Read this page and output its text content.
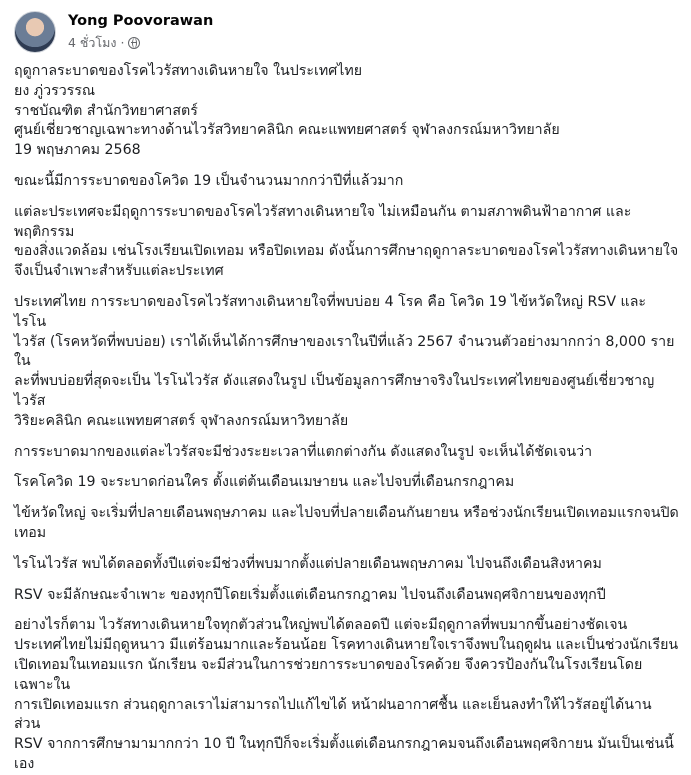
Yong Poovorawan
4 ชั่วโมง ·

ฤดูกาลระบาดของโรคไวรัสทางเดินหายใจ ในประเทศไทย

ยง ภู่วรวรรณ

ราชบัณฑิต สำนักวิทยาศาสตร์

ศูนย์เชี่ยวชาญเฉพาะทางด้านไวรัสวิทยาคลินิก คณะแพทยศาสตร์ จุฬาลงกรณ์มหาวิทยาลัย

19 พฤษภาคม 2568

ขณะนี้มีการระบาดของโควิด 19 เป็นจำนวนมากกว่าปีที่แล้วมาก

แต่ละประเทศจะมีฤดูการระบาดของโรคไวรัสทางเดินหายใจ ไม่เหมือนกัน ตามสภาพดินฟ้าอากาศ และพฤติกรรม
ของสิ่งแวดล้อม เช่นโรงเรียนเปิดเทอม หรือปิดเทอม ดังนั้นการศึกษาฤดูกาลระบาดของโรคไวรัสทางเดินหายใจ
จึงเป็นจำเพาะสำหรับแต่ละประเทศ

ประเทศไทย การระบาดของโรคไวรัสทางเดินหายใจที่พบบ่อย 4 โรค คือ โควิด 19 ไข้หวัดใหญ่ RSV และ ไรโน
ไวรัส (โรคหวัดที่พบบ่อย) เราได้เห็นได้การศึกษาของเราในปีที่แล้ว 2567 จำนวนตัวอย่างมากกว่า 8,000 ราย ใน
ละที่พบบ่อยที่สุดจะเป็น ไรโนไวรัส ดังแสดงในรูป เป็นข้อมูลการศึกษาจริงในประเทศไทยของศูนย์เชี่ยวชาญไวรัส
วิริยะคลินิก คณะแพทยศาสตร์ จุฬาลงกรณ์มหาวิทยาลัย

การระบาดมากของแต่ละไวรัสจะมีช่วงระยะเวลาที่แตกต่างกัน ดังแสดงในรูป จะเห็นได้ชัดเจนว่า

โรคโควิด 19 จะระบาดก่อนใคร ตั้งแต่ต้นเดือนเมษายน และไปจบที่เดือนกรกฎาคม

ไข้หวัดใหญ่ จะเริ่มที่ปลายเดือนพฤษภาคม และไปจบที่ปลายเดือนกันยายน หรือช่วงนักเรียนเปิดเทอมแรกจนปิด
เทอม

ไรโนไวรัส พบได้ตลอดทั้งปีแต่จะมีช่วงที่พบมากตั้งแต่ปลายเดือนพฤษภาคม ไปจนถึงเดือนสิงหาคม

RSV จะมีลักษณะจำเพาะ ของทุกปีโดยเริ่มตั้งแต่เดือนกรกฎาคม ไปจนถึงเดือนพฤศจิกายนของทุกปี

อย่างไรก็ตาม ไวรัสทางเดินหายใจทุกตัวส่วนใหญ่พบได้ตลอดปี แต่จะมีฤดูกาลที่พบมากขึ้นอย่างชัดเจน
ประเทศไทยไม่มีฤดูหนาว มีแต่ร้อนมากและร้อนน้อย โรคทางเดินหายใจเราจึงพบในฤดูฝน และเป็นช่วงนักเรียน
เปิดเทอมในเทอมแรก นักเรียน จะมีส่วนในการช่วยการระบาดของโรคด้วย จึงควรป้องกันในโรงเรียนโดยเฉพาะใน
การเปิดเทอมแรก ส่วนฤดูกาลเราไม่สามารถไปแก้ไขได้ หน้าฝนอากาศชื้น และเย็นลงทำให้ไวรัสอยู่ได้นาน ส่วน
RSV จากการศึกษามามากกว่า 10 ปี ในทุกปีก็จะเริ่มตั้งแต่เดือนกรกฎาคมจนถึงเดือนพฤศจิกายน มันเป็นเช่นนี้เอง
